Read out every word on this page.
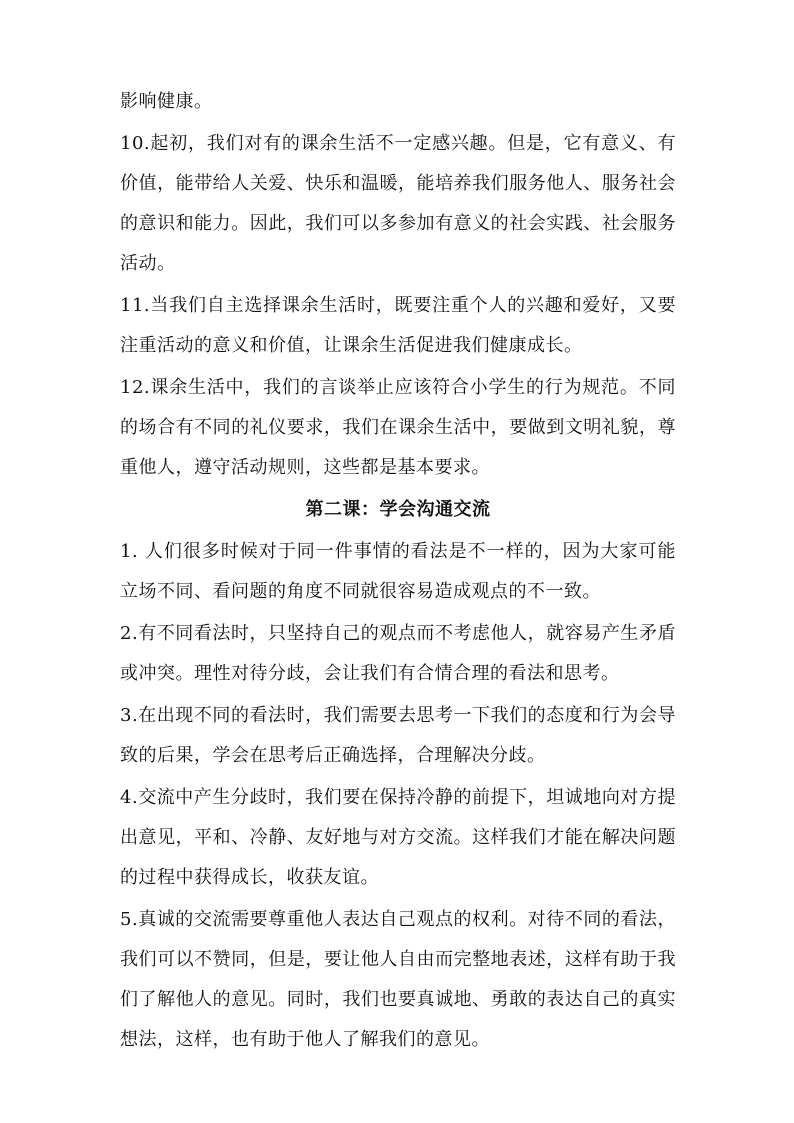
影响健康。

10.起初，我们对有的课余生活不一定感兴趣。但是，它有意义、有价值，能带给人关爱、快乐和温暖，能培养我们服务他人、服务社会的意识和能力。因此，我们可以多参加有意义的社会实践、社会服务活动。

11.当我们自主选择课余生活时，既要注重个人的兴趣和爱好，又要注重活动的意义和价值，让课余生活促进我们健康成长。

12.课余生活中，我们的言谈举止应该符合小学生的行为规范。不同的场合有不同的礼仪要求，我们在课余生活中，要做到文明礼貌，尊重他人，遵守活动规则，这些都是基本要求。

第二课：学会沟通交流

1. 人们很多时候对于同一件事情的看法是不一样的，因为大家可能立场不同、看问题的角度不同就很容易造成观点的不一致。

2.有不同看法时，只坚持自己的观点而不考虑他人，就容易产生矛盾或冲突。理性对待分歧，会让我们有合情合理的看法和思考。

3.在出现不同的看法时，我们需要去思考一下我们的态度和行为会导致的后果，学会在思考后正确选择，合理解决分歧。

4.交流中产生分歧时，我们要在保持冷静的前提下，坦诚地向对方提出意见，平和、冷静、友好地与对方交流。这样我们才能在解决问题的过程中获得成长，收获友谊。

5.真诚的交流需要尊重他人表达自己观点的权利。对待不同的看法，我们可以不赞同，但是，要让他人自由而完整地表述，这样有助于我们了解他人的意见。同时，我们也要真诚地、勇敢的表达自己的真实想法，这样，也有助于他人了解我们的意见。
